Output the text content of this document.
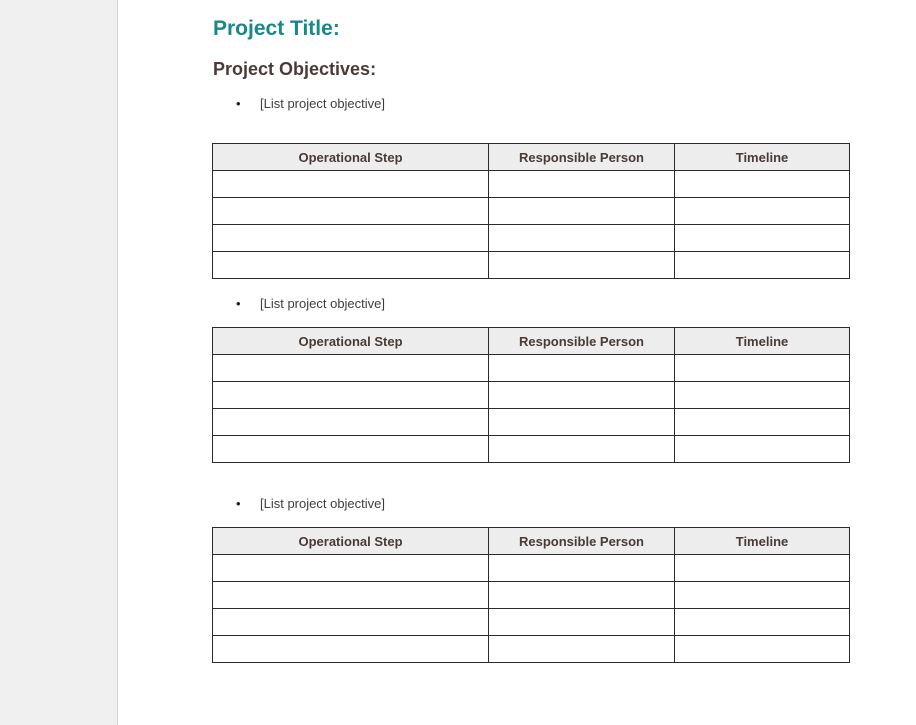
Project Title:
Project Objectives:
• [List project objective]
Operational Step	Responsible Person	Timeline

• [List project objective]
Operational Step	Responsible Person	Timeline

• [List project objective]
Operational Step	Responsible Person	Timeline
